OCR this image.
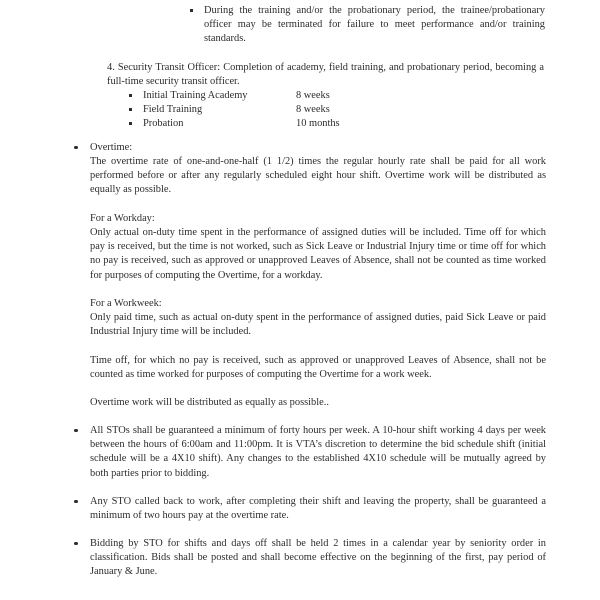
During the training and/or the probationary period, the trainee/probationary officer may be terminated for failure to meet performance and/or training standards.
4. Security Transit Officer: Completion of academy, field training, and probationary period, becoming a full-time security transit officer.
Initial Training Academy	8 weeks
Field Training	8 weeks
Probation	10 months
Overtime:
The overtime rate of one-and-one-half (1 1/2) times the regular hourly rate shall be paid for all work performed before or after any regularly scheduled eight hour shift. Overtime work will be distributed as equally as possible.
For a Workday:
Only actual on-duty time spent in the performance of assigned duties will be included. Time off for which pay is received, but the time is not worked, such as Sick Leave or Industrial Injury time or time off for which no pay is received, such as approved or unapproved Leaves of Absence, shall not be counted as time worked for purposes of computing the Overtime, for a workday.
For a Workweek:
Only paid time, such as actual on-duty spent in the performance of assigned duties, paid Sick Leave or paid Industrial Injury time will be included.
Time off, for which no pay is received, such as approved or unapproved Leaves of Absence, shall not be counted as time worked for purposes of computing the Overtime for a work week.
Overtime work will be distributed as equally as possible..
All STOs shall be guaranteed a minimum of forty hours per week. A 10-hour shift working 4 days per week between the hours of 6:00am and 11:00pm. It is VTA’s discretion to determine the bid schedule shift (initial schedule will be a 4X10 shift). Any changes to the established 4X10 schedule will be mutually agreed by both parties prior to bidding.
Any STO called back to work, after completing their shift and leaving the property, shall be guaranteed a minimum of two hours pay at the overtime rate.
Bidding by STO for shifts and days off shall be held 2 times in a calendar year by seniority order in classification. Bids shall be posted and shall become effective on the beginning of the first, pay period of January & June.
